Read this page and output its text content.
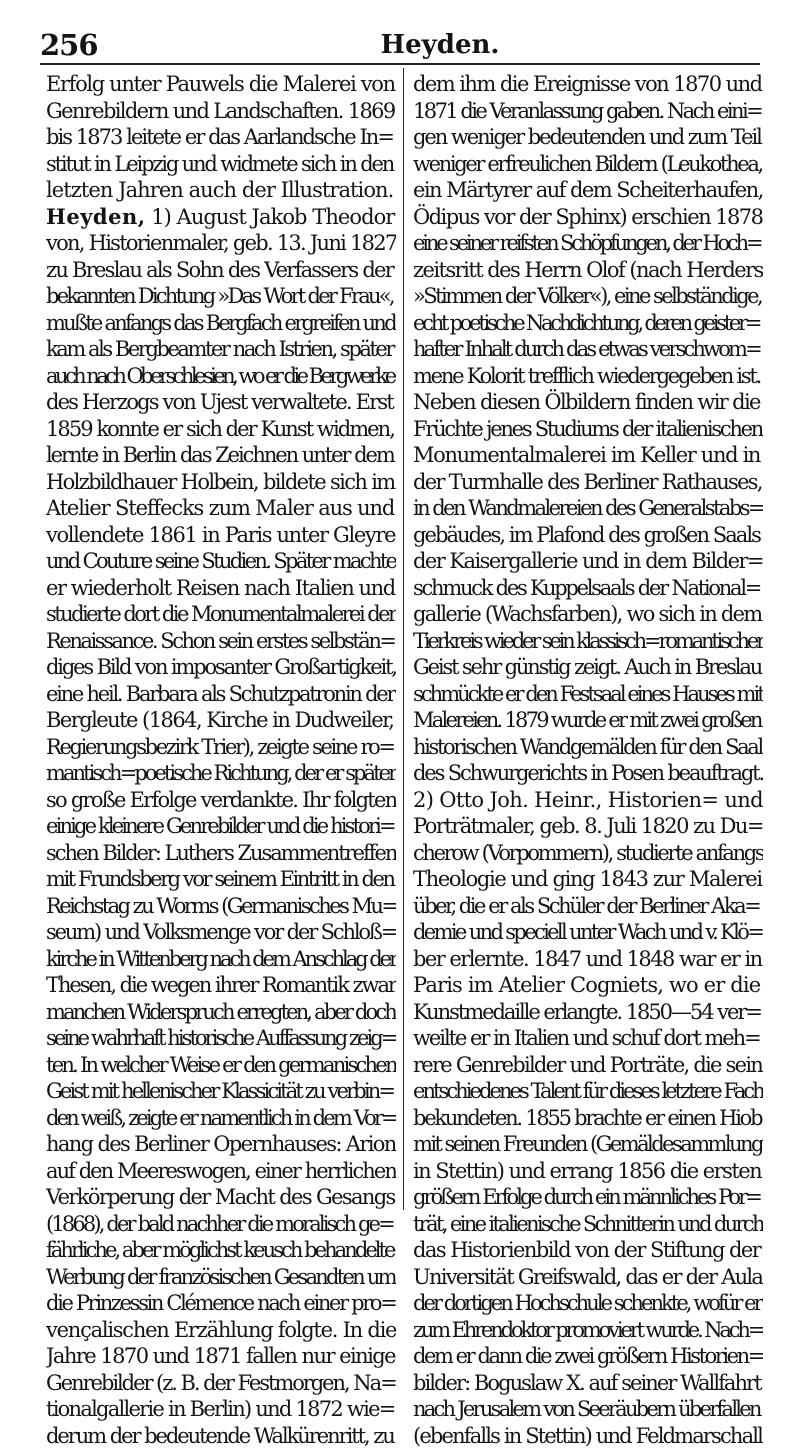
256	Heyden.
Erfolg unter Pauwels die Malerei von
Genrebildern und Landschaften. 1869
bis 1873 leitete er das Aarlandsche In=
stitut in Leipzig und widmete sich in den
letzten Jahren auch der Illustration.
Heyden, 1) August Jakob Theodor
von, Historienmaler, geb. 13. Juni 1827
zu Breslau als Sohn des Verfassers der
bekannten Dichtung »Das Wort der Frau«,
mußte anfangs das Bergfach ergreifen und
kam als Bergbeamter nach Istrien, später
auch nach Oberschlesien, wo er die Bergwerke
des Herzogs von Ujest verwaltete. Erst
1859 konnte er sich der Kunst widmen,
lernte in Berlin das Zeichnen unter dem
Holzbildhauer Holbein, bildete sich im
Atelier Steffecks zum Maler aus und
vollendete 1861 in Paris unter Gleyre
und Couture seine Studien. Später machte
er wiederholt Reisen nach Italien und
studierte dort die Monumentalmalerei der
Renaissance. Schon sein erstes selbstän=
diges Bild von imposanter Großartigkeit,
eine heil. Barbara als Schutzpatronin der
Bergleute (1864, Kirche in Dudweiler,
Regierungsbezirk Trier), zeigte seine ro=
mantisch=poetische Richtung, der er später
so große Erfolge verdankte. Ihr folgten
einige kleinere Genrebilder und die histori=
schen Bilder: Luthers Zusammentreffen
mit Frundsberg vor seinem Eintritt in den
Reichstag zu Worms (Germanisches Mu=
seum) und Volksmenge vor der Schloß=
kirche in Wittenberg nach dem Anschlag der
Thesen, die wegen ihrer Romantik zwar
manchen Widerspruch erregten, aber doch
seine wahrhaft historische Auffassung zeig=
ten. In welcher Weise er den germanischen
Geist mit hellenischer Klassicität zu verbin=
den weiß, zeigte er namentlich in dem Vor=
hang des Berliner Opernhauses: Arion
auf den Meereswogen, einer herrlichen
Verkörperung der Macht des Gesangs
(1868), der bald nachher die moralisch ge=
fährliche, aber möglichst keusch behandelte
Werbung der französischen Gesandten um
die Prinzessin Clémence nach einer pro=
vençalischen Erzählung folgte. In die
Jahre 1870 und 1871 fallen nur einige
Genrebilder (z. B. der Festmorgen, Na=
tionalgallerie in Berlin) und 1872 wie=
derum der bedeutende Walkürenritt, zu
dem ihm die Ereignisse von 1870 und
1871 die Veranlassung gaben. Nach eini=
gen weniger bedeutenden und zum Teil
weniger erfreulichen Bildern (Leukothea,
ein Märtyrer auf dem Scheiterhaufen,
Ödipus vor der Sphinx) erschien 1878
eine seiner reifsten Schöpfungen, der Hoch=
zeitsritt des Herrn Olof (nach Herders
»Stimmen der Völker«), eine selbständige,
echt poetische Nachdichtung, deren geister=
hafter Inhalt durch das etwas verschwom=
mene Kolorit trefflich wiedergegeben ist.
Neben diesen Ölbildern finden wir die
Früchte jenes Studiums der italienischen
Monumentalmalerei im Keller und in
der Turmhalle des Berliner Rathauses,
in den Wandmalereien des Generalstabs=
gebäudes, im Plafond des großen Saals
der Kaisergallerie und in dem Bilder=
schmuck des Kuppelsaals der National=
gallerie (Wachsfarben), wo sich in dem
Tierkreis wieder sein klassisch=romantischer
Geist sehr günstig zeigt. Auch in Breslau
schmückte er den Festsaal eines Hauses mit
Malereien. 1879 wurde er mit zwei großen
historischen Wandgemälden für den Saal
des Schwurgerichts in Posen beauftragt.
2) Otto Joh. Heinr., Historien= und
Porträtmaler, geb. 8. Juli 1820 zu Du=
cherow (Vorpommern), studierte anfangs
Theologie und ging 1843 zur Malerei
über, die er als Schüler der Berliner Aka=
demie und speciell unter Wach und v. Klö=
ber erlernte. 1847 und 1848 war er in
Paris im Atelier Cogniets, wo er die
Kunstmedaille erlangte. 1850—54 ver=
weilte er in Italien und schuf dort meh=
rere Genrebilder und Porträte, die sein
entschiedenes Talent für dieses letztere Fach
bekundeten. 1855 brachte er einen Hiob
mit seinen Freunden (Gemäldesammlung
in Stettin) und errang 1856 die ersten
größern Erfolge durch ein männliches Por=
trät, eine italienische Schnitterin und durch
das Historienbild von der Stiftung der
Universität Greifswald, das er der Aula
der dortigen Hochschule schenkte, wofür er
zum Ehrendoktor promoviert wurde. Nach=
dem er dann die zwei größern Historien=
bilder: Boguslaw X. auf seiner Wallfahrt
nach Jerusalem von Seeräubern überfallen
(ebenfalls in Stettin) und Feldmarschall
